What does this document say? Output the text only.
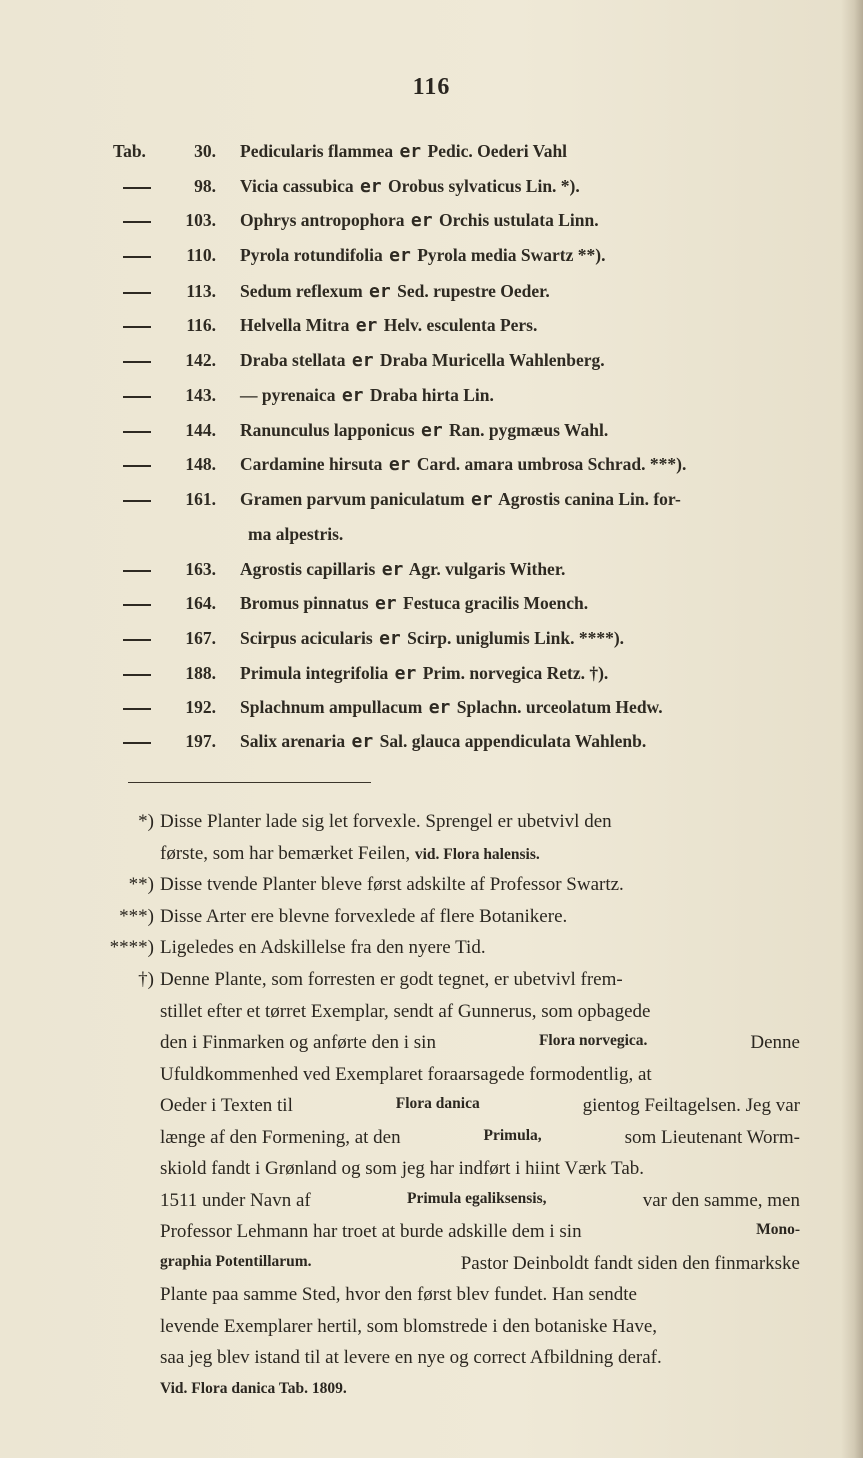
116
Tab.	30. Pedicularis flammea er Pedic. Oederi Vahl
98. Vicia cassubica er Orobus sylvaticus Lin. *).
103. Ophrys antropophora er Orchis ustulata Linn.
110. Pyrola rotundifolia er Pyrola media Swartz **).
113. Sedum reflexum er Sed. rupestre Oeder.
116. Helvella Mitra er Helv. esculenta Pers.
142. Draba stellata er Draba Muricella Wahlenberg.
143. — pyrenaica er Draba hirta Lin.
144. Ranunculus lapponicus er Ran. pygmæus Wahl.
148. Cardamine hirsuta er Card. amara umbrosa Schrad. ***).
161. Gramen parvum paniculatum er Agrostis canina Lin. for-
ma alpestris.
163. Agrostis capillaris er Agr. vulgaris Wither.
164. Bromus pinnatus er Festuca gracilis Moench.
167. Scirpus acicularis er Scirp. uniglumis Link. ****).
188. Primula integrifolia er Prim. norvegica Retz. †).
192. Splachnum ampullacum er Splachn. urceolatum Hedw.
197. Salix arenaria er Sal. glauca appendiculata Wahlenb.
*) Disse Planter lade sig let forvexle. Sprengel er ubetvivl den
første, som har bemærket Feilen, vid. Flora halensis.
**) Disse tvende Planter bleve først adskilte af Professor Swartz.
***) Disse Arter ere blevne forvexlede af flere Botanikere.
****) Ligeledes en Adskillelse fra den nyere Tid.
†) Denne Plante, som forresten er godt tegnet, er ubetvivl frem-
stillet efter et tørret Exemplar, sendt af Gunnerus, som opbagede
den i Finmarken og anførte den i sin	Flora norvegica.	Denne
Ufuldkommenhed ved Exemplaret foraarsagede formodentlig, at
Oeder i Texten til	Flora danica	gientog Feiltagelsen. Jeg var
længe af den Formening, at den	Primula,	som Lieutenant Worm-
skiold fandt i Grønland og som jeg har indført i hiint Værk Tab.
1511 under Navn af	Primula egaliksensis,	var den samme, men
Professor Lehmann har troet at burde adskille dem i sin	Mono-
graphia Potentillarum.	Pastor Deinboldt fandt siden den finmarkske
Plante paa samme Sted, hvor den først blev fundet. Han sendte
levende Exemplarer hertil, som blomstrede i den botaniske Have,
saa jeg blev istand til at levere en nye og correct Afbildning deraf.
Vid. Flora danica Tab. 1809.
